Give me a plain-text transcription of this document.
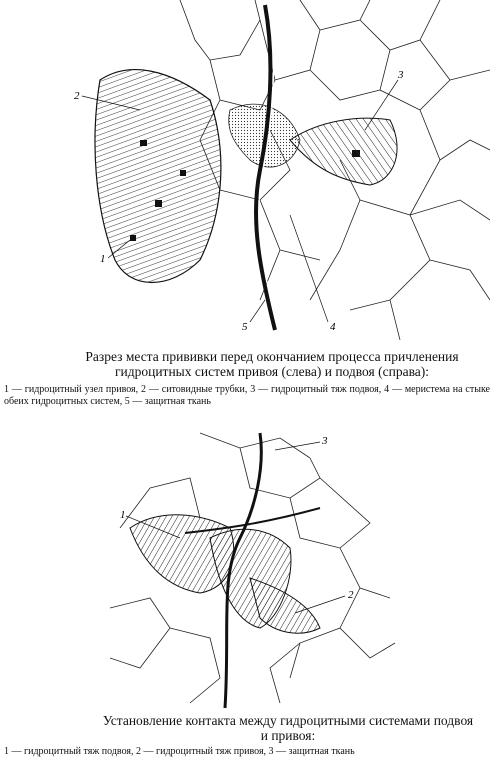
2
1
3
4
5
Разрез места прививки перед окончанием процесса причленения гидроцитных систем привоя (слева) и подвоя (справа):
1 — гидроцитный узел привоя, 2 — ситовидные трубки, 3 — гидроцитный тяж подвоя, 4 — меристема на стыке обеих гидроцитных систем, 5 — защитная ткань
1
2
3
Установление контакта между гидроцитными системами подвоя и привоя:
1 — гидроцитный тяж подвоя, 2 — гидроцитный тяж привоя, 3 — защитная ткань
